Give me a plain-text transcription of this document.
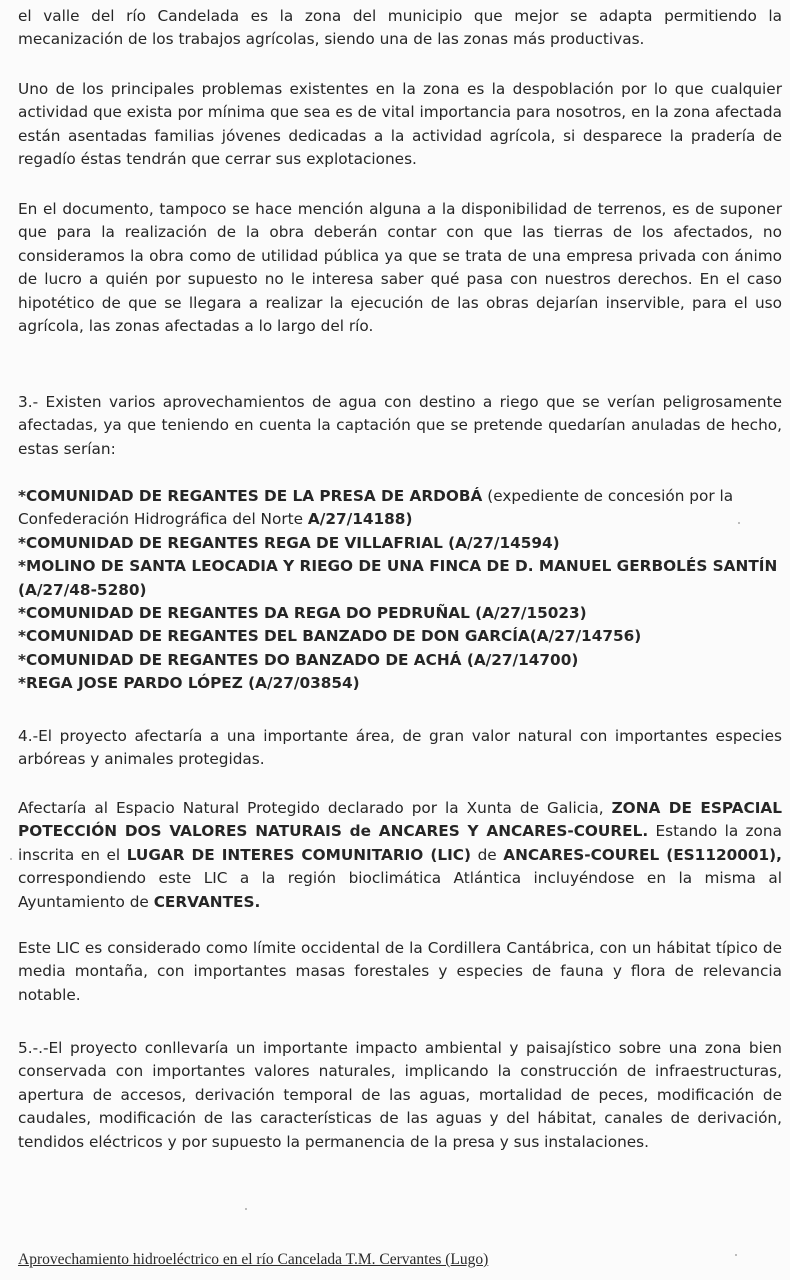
el valle del río Candelada es la zona del municipio que mejor se adapta permitiendo la mecanización de los trabajos agrícolas, siendo una de las zonas más productivas.

Uno de los principales problemas existentes en la zona es la despoblación por lo que cualquier actividad que exista por mínima que sea es de vital importancia para nosotros, en la zona afectada están asentadas familias jóvenes dedicadas a la actividad agrícola, si desparece la pradería de regadío éstas tendrán que cerrar sus explotaciones.

En el documento, tampoco se hace mención alguna a la disponibilidad de terrenos, es de suponer que para la realización de la obra deberán contar con que las tierras de los afectados, no consideramos la obra como de utilidad pública ya que se trata de una empresa privada con ánimo de lucro a quién por supuesto no le interesa saber qué pasa con nuestros derechos. En el caso hipotético de que se llegara a realizar la ejecución de las obras dejarían inservible, para el uso agrícola, las zonas afectadas a lo largo del río.

3.- Existen varios aprovechamientos de agua con destino a riego que se verían peligrosamente afectadas, ya que teniendo en cuenta la captación que se pretende quedarían anuladas de hecho, estas serían:

*COMUNIDAD DE REGANTES DE LA PRESA DE ARDOBÁ (expediente de concesión por la Confederación Hidrográfica del Norte A/27/14188)
*COMUNIDAD DE REGANTES REGA DE VILLAFRIAL (A/27/14594)
*MOLINO DE SANTA LEOCADIA Y RIEGO DE UNA FINCA DE D. MANUEL GERBOLÉS SANTÍN (A/27/48-5280)
*COMUNIDAD DE REGANTES DA REGA DO PEDRUÑAL (A/27/15023)
*COMUNIDAD DE REGANTES DEL BANZADO DE DON GARCÍA(A/27/14756)
*COMUNIDAD DE REGANTES DO BANZADO DE ACHÁ (A/27/14700)
*REGA JOSE PARDO LÓPEZ (A/27/03854)

4.-El proyecto afectaría a una importante área, de gran valor natural con importantes especies arbóreas y animales protegidas.

Afectaría al Espacio Natural Protegido declarado por la Xunta de Galicia, ZONA DE ESPACIAL POTECCIÓN DOS VALORES NATURAIS de ANCARES Y ANCARES-COUREL. Estando la zona inscrita en el LUGAR DE INTERES COMUNITARIO (LIC) de ANCARES-COUREL (ES1120001), correspondiendo este LIC a la región bioclimática Atlántica incluyéndose en la misma al Ayuntamiento de CERVANTES.

Este LIC es considerado como límite occidental de la Cordillera Cantábrica, con un hábitat típico de media montaña, con importantes masas forestales y especies de fauna y flora de relevancia notable.

5.-.-El proyecto conllevaría un importante impacto ambiental y paisajístico sobre una zona bien conservada con importantes valores naturales, implicando la construcción de infraestructuras, apertura de accesos, derivación temporal de las aguas, mortalidad de peces, modificación de caudales, modificación de las características de las aguas y del hábitat, canales de derivación, tendidos eléctricos y por supuesto la permanencia de la presa y sus instalaciones.

Aprovechamiento hidroeléctrico en el río Cancelada T.M. Cervantes (Lugo)
